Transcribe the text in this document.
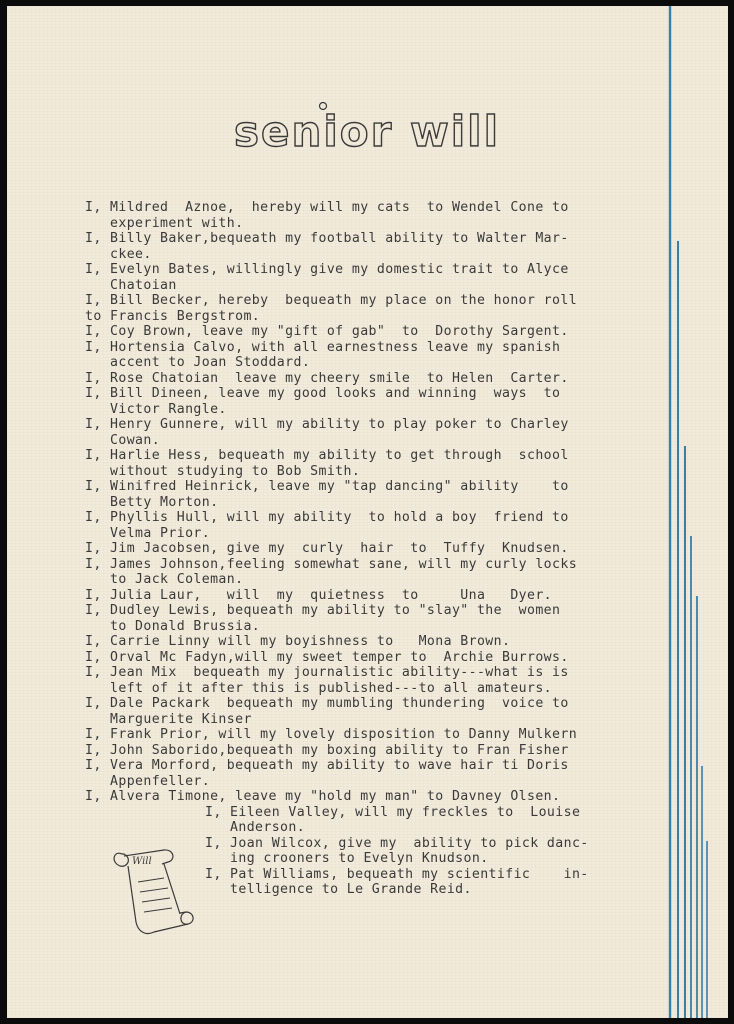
senior will
I, Mildred  Aznoe,  hereby will my cats  to Wendel Cone to
experiment with.
I, Billy Baker,bequeath my football ability to Walter Mar-
ckee.
I, Evelyn Bates, willingly give my domestic trait to Alyce
Chatoian
I, Bill Becker, hereby  bequeath my place on the honor roll
to Francis Bergstrom.
I, Coy Brown, leave my "gift of gab"  to  Dorothy Sargent.
I, Hortensia Calvo, with all earnestness leave my spanish
accent to Joan Stoddard.
I, Rose Chatoian  leave my cheery smile  to Helen  Carter.
I, Bill Dineen, leave my good looks and winning  ways  to
Victor Rangle.
I, Henry Gunnere, will my ability to play poker to Charley
Cowan.
I, Harlie Hess, bequeath my ability to get through  school
without studying to Bob Smith.
I, Winifred Heinrick, leave my "tap dancing" ability    to
Betty Morton.
I, Phyllis Hull, will my ability  to hold a boy  friend to
Velma Prior.
I, Jim Jacobsen, give my  curly  hair  to  Tuffy  Knudsen.
I, James Johnson,feeling somewhat sane, will my curly locks
to Jack Coleman.
I, Julia Laur,   will  my  quietness  to     Una   Dyer.
I, Dudley Lewis, bequeath my ability to "slay" the  women
to Donald Brussia.
I, Carrie Linny will my boyishness to   Mona Brown.
I, Orval Mc Fadyn,will my sweet temper to  Archie Burrows.
I, Jean Mix  bequeath my journalistic ability---what is is
left of it after this is published---to all amateurs.
I, Dale Packark  bequeath my mumbling thundering  voice to
Marguerite Kinser
I, Frank Prior, will my lovely disposition to Danny Mulkern
I, John Saborido,bequeath my boxing ability to Fran Fisher
I, Vera Morford, bequeath my ability to wave hair ti Doris
Appenfeller.
I, Alvera Timone, leave my "hold my man" to Davney Olsen.
I, Eileen Valley, will my freckles to  Louise
Anderson.
I, Joan Wilcox, give my  ability to pick danc-
ing crooners to Evelyn Knudson.
I, Pat Williams, bequeath my scientific    in-
telligence to Le Grande Reid.
Will
